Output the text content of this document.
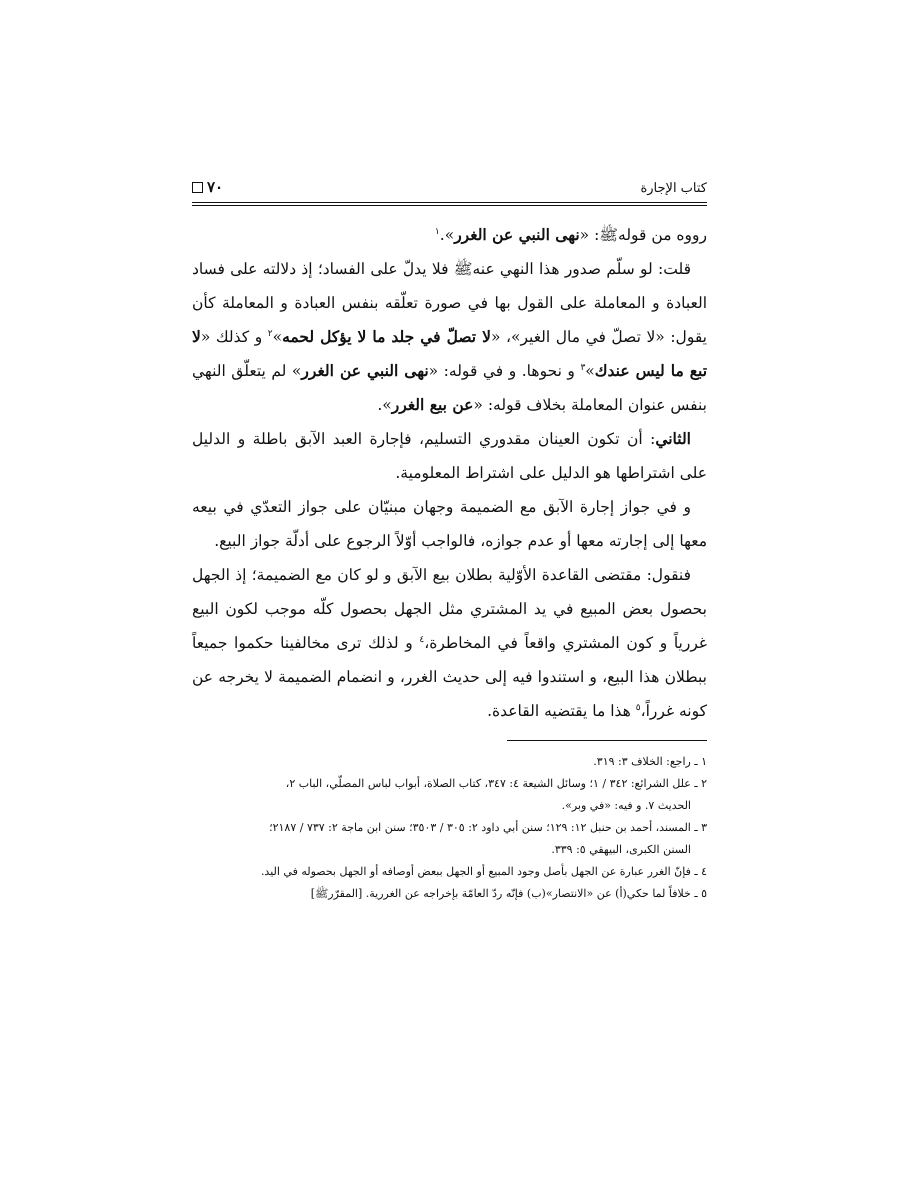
كتاب الإجارة
٧٠

رووه من قولهﷺ: «نهى النبي عن الغرر».$^١$

قلت: لو سلّم صدور هذا النهي عنهﷺ فلا يدلّ على الفساد؛ إذ دلالته على فساد العبادة و المعاملة على القول بها في صورة تعلّقه بنفس العبادة و المعاملة كأن يقول: «لا تصلّ في مال الغير»، «لا تصلّ في جلد ما لا يؤكل لحمه»$^٢$ و كذلك «لا تبع ما ليس عندك»$^٣$ و نحوها. و في قوله: «نهى النبي عن الغرر» لم يتعلّق النهي بنفس عنوان المعاملة بخلاف قوله: «عن بيع الغرر».

الثاني: أن تكون العينان مقدوري التسليم، فإجارة العبد الآبق باطلة و الدليل على اشتراطها هو الدليل على اشتراط المعلومية.

و في جواز إجارة الآبق مع الضميمة وجهان مبنيّان على جواز التعدّي في بيعه معها إلى إجارته معها أو عدم جوازه، فالواجب أوّلاً الرجوع على أدلّة جواز البيع.

فنقول: مقتضى القاعدة الأوّلية بطلان بيع الآبق و لو كان مع الضميمة؛ إذ الجهل بحصول بعض المبيع في يد المشتري مثل الجهل بحصول كلّه موجب لكون البيع غررياً و كون المشتري واقعاً في المخاطرة،$^٤$ و لذلك ترى مخالفينا حكموا جميعاً ببطلان هذا البيع، و استندوا فيه إلى حديث الغرر، و انضمام الضميمة لا يخرجه عن كونه غرراً،$^٥$ هذا ما يقتضيه القاعدة.

١ ـ راجع: الخلاف ٣: ٣١٩.

٢ ـ علل الشرائع: ٣٤٢ / ١؛ وسائل الشيعة ٤: ٣٤٧، كتاب الصلاة، أبواب لباس المصلّي، الباب ٢،

الحديث ٧. و فيه: «في وبر».

٣ ـ المسند، أحمد بن حنبل ١٢: ١٢٩؛ سنن أبي داود ٢: ٣٠٥ / ٣٥٠٣؛ سنن ابن ماجة ٢: ٧٣٧ / ٢١٨٧؛

السنن الكبرى، البيهقي ٥: ٣٣٩.

٤ ـ فإنّ الغرر عبارة عن الجهل بأصل وجود المبيع أو الجهل ببعض أوصافه أو الجهل بحصوله في اليد.

٥ ـ خلافاً لما حكي(أ) عن «الانتصار»(ب) فإنّه ردّ العامّة بإخراجه عن الغررية. [المقرّرﷺ]
